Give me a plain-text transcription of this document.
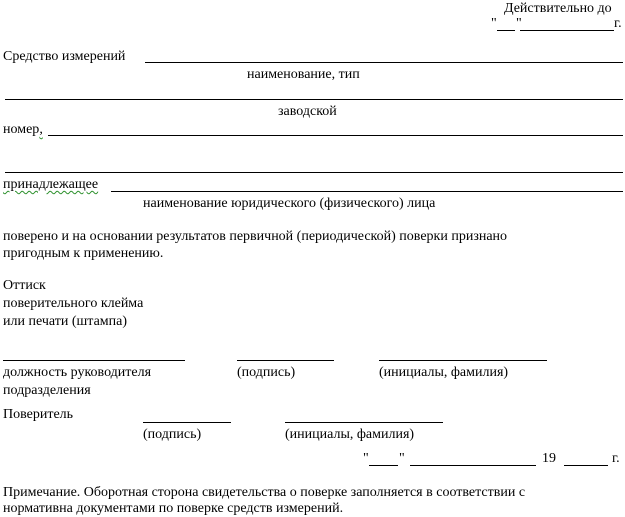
Действительно до
" "	г.
Средство измерений
наименование, тип
заводской
номер,
принадлежащее
наименование юридического (физического) лица
поверено и на основании результатов первичной (периодической) поверки признано
пригодным к применению.
Оттиск
поверительного клейма
или печати (штампа)
должность руководителя
подразделения
(подпись)	(инициалы, фамилия)
Поверитель
(подпись)	(инициалы, фамилия)
" "	19	г.
Примечание. Оборотная сторона свидетельства о поверке заполняется в соответствии с
нормативна документами по поверке средств измерений.
